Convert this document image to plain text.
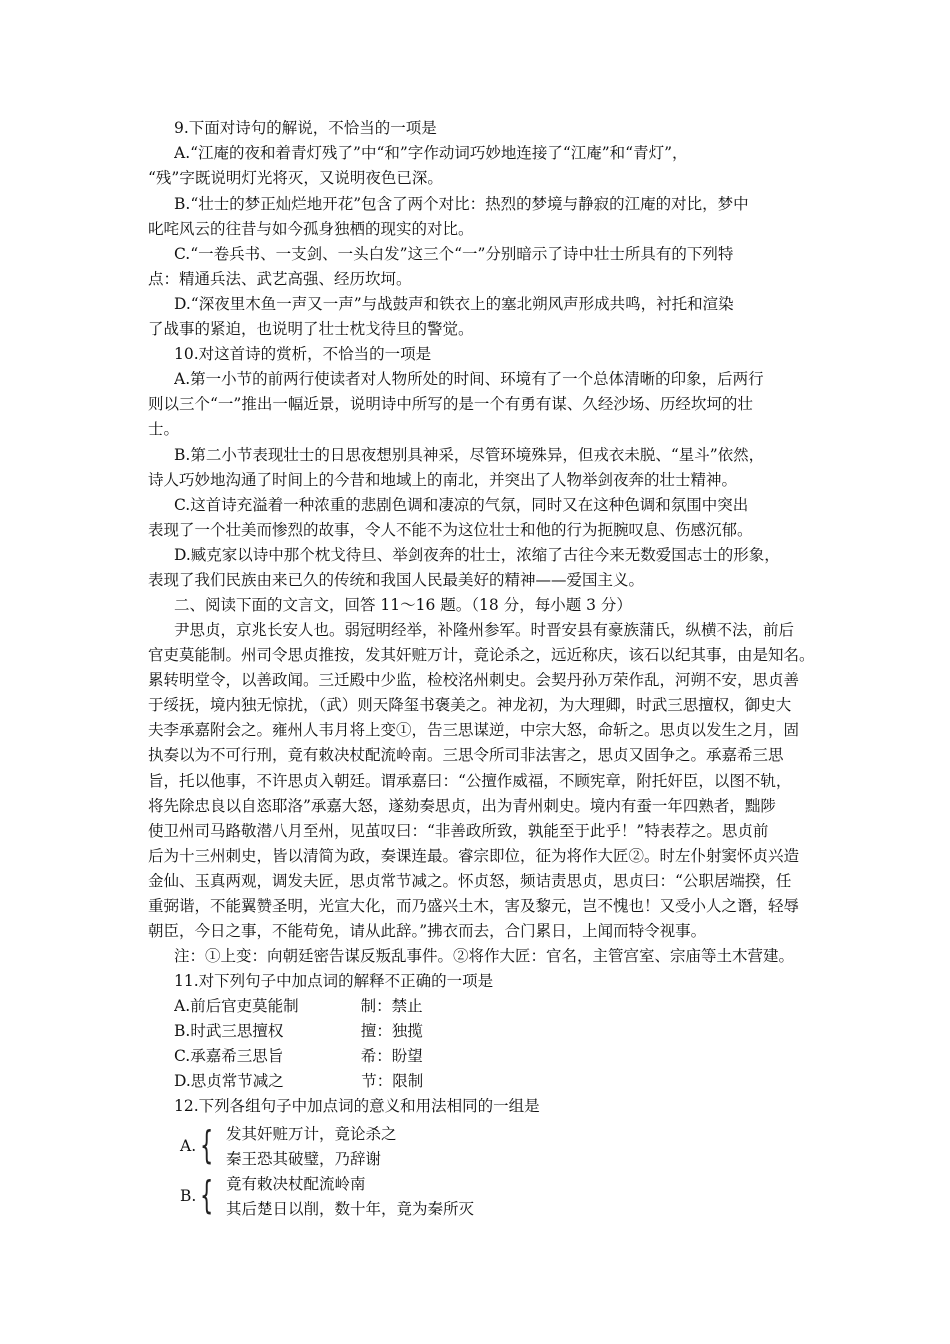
9.下面对诗句的解说，不恰当的一项是
A.“江庵的夜和着青灯残了”中“和”字作动词巧妙地连接了“江庵”和“青灯”，
“残”字既说明灯光将灭，又说明夜色已深。
B.“壮士的梦正灿烂地开花”包含了两个对比：热烈的梦境与静寂的江庵的对比，梦中
叱咤风云的往昔与如今孤身独栖的现实的对比。
C.“一卷兵书、一支剑、一头白发”这三个“一”分别暗示了诗中壮士所具有的下列特
点：精通兵法、武艺高强、经历坎坷。
D.“深夜里木鱼一声又一声”与战鼓声和铁衣上的塞北朔风声形成共鸣，衬托和渲染
了战事的紧迫，也说明了壮士枕戈待旦的警觉。
10.对这首诗的赏析，不恰当的一项是
A.第一小节的前两行使读者对人物所处的时间、环境有了一个总体清晰的印象，后两行
则以三个“一”推出一幅近景，说明诗中所写的是一个有勇有谋、久经沙场、历经坎坷的壮
士。
B.第二小节表现壮士的日思夜想别具神采，尽管环境殊异，但戎衣未脱、“星斗”依然，
诗人巧妙地沟通了时间上的今昔和地域上的南北，并突出了人物举剑夜奔的壮士精神。
C.这首诗充溢着一种浓重的悲剧色调和凄凉的气氛，同时又在这种色调和氛围中突出
表现了一个壮美而惨烈的故事，令人不能不为这位壮士和他的行为扼腕叹息、伤感沉郁。
D.臧克家以诗中那个枕戈待旦、举剑夜奔的壮士，浓缩了古往今来无数爱国志士的形象，
表现了我们民族由来已久的传统和我国人民最美好的精神——爱国主义。
二、阅读下面的文言文，回答 11～16 题。（18 分，每小题 3 分）
尹思贞，京兆长安人也。弱冠明经举，补隆州参军。时晋安县有豪族蒲氏，纵横不法，前后
官吏莫能制。州司令思贞推按，发其奸赃万计，竟论杀之，远近称庆，该石以纪其事，由是知名。
累转明堂令，以善政闻。三迁殿中少监，检校洺州刺史。会契丹孙万荣作乱，河朔不安，思贞善
于绥抚，境内独无惊扰，（武）则天降玺书褒美之。神龙初，为大理卿，时武三思擅权，御史大
夫李承嘉附会之。雍州人韦月将上变①，告三思谋逆，中宗大怒，命斩之。思贞以发生之月，固
执奏以为不可行刑，竟有敕决杖配流岭南。三思令所司非法害之，思贞又固争之。承嘉希三思
旨，托以他事，不许思贞入朝廷。谓承嘉曰：“公擅作威福，不顾宪章，附托奸臣，以图不轨，
将先除忠良以自恣耶洛”承嘉大怒，遂劾奏思贞，出为青州刺史。境内有蚕一年四熟者，黜陟
使卫州司马路敬潜八月至州，见茧叹曰：“非善政所致，孰能至于此乎！”特表荐之。思贞前
后为十三州刺史，皆以清简为政，奏课连最。睿宗即位，征为将作大匠②。时左仆射窦怀贞兴造
金仙、玉真两观，调发夫匠，思贞常节减之。怀贞怒，频诘责思贞，思贞曰：“公职居端揆，任
重弼谐，不能翼赞圣明，光宣大化，而乃盛兴土木，害及黎元，岂不愧也！又受小人之谮，轻辱
朝臣，今日之事，不能苟免，请从此辞。”拂衣而去，合门累日，上闻而特令视事。
注：①上变：向朝廷密告谋反叛乱事件。②将作大匠：官名，主管宫室、宗庙等土木营建。
11.对下列句子中加点词的解释不正确的一项是
A.前后官吏莫能制　　　　制：禁止
B.时武三思擅权　　　　　擅：独揽
C.承嘉希三思旨　　　　　希：盼望
D.思贞常节减之　　　　　节：限制
12.下列各组句子中加点词的意义和用法相同的一组是
A. { 发其奸赃万计，竟论杀之
秦王恐其破璧，乃辞谢
B. { 竟有敕决杖配流岭南
其后楚日以削，数十年，竟为秦所灭
